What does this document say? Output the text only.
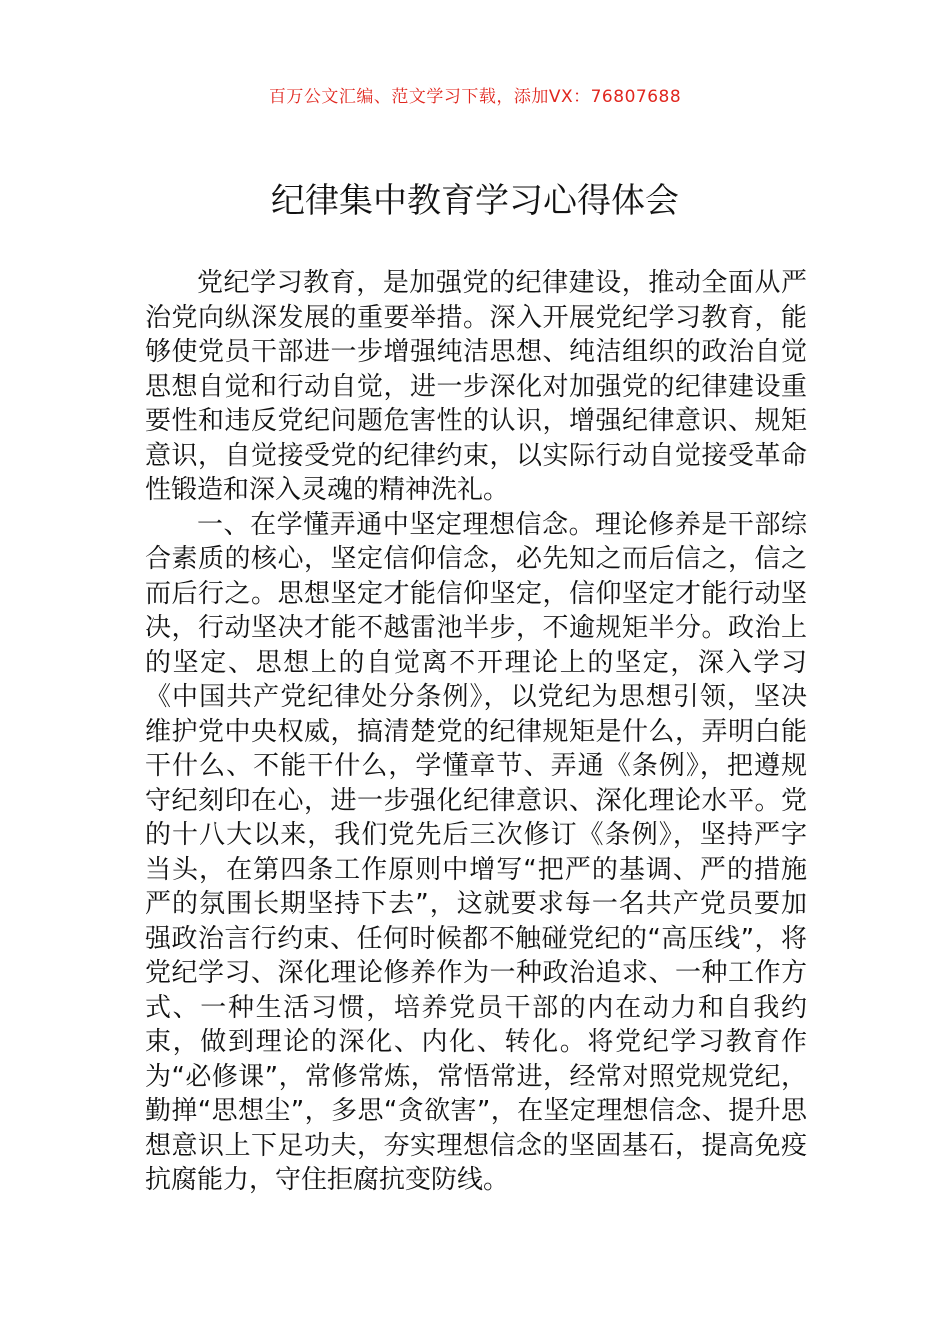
百万公文汇编、范文学习下载，添加VX：76807688
纪律集中教育学习心得体会

党纪学习教育，是加强党的纪律建设，推动全面从严治党向纵深发展的重要举措。深入开展党纪学习教育，能够使党员干部进一步增强纯洁思想、纯洁组织的政治自觉思想自觉和行动自觉，进一步深化对加强党的纪律建设重要性和违反党纪问题危害性的认识，增强纪律意识、规矩意识，自觉接受党的纪律约束，以实际行动自觉接受革命性锻造和深入灵魂的精神洗礼。

一、在学懂弄通中坚定理想信念。理论修养是干部综合素质的核心，坚定信仰信念，必先知之而后信之，信之而后行之。思想坚定才能信仰坚定，信仰坚定才能行动坚决，行动坚决才能不越雷池半步，不逾规矩半分。政治上的坚定、思想上的自觉离不开理论上的坚定，深入学习《中国共产党纪律处分条例》，以党纪为思想引领，坚决维护党中央权威，搞清楚党的纪律规矩是什么，弄明白能干什么、不能干什么，学懂章节、弄通《条例》，把遵规守纪刻印在心，进一步强化纪律意识、深化理论水平。党的十八大以来，我们党先后三次修订《条例》，坚持严字当头，在第四条工作原则中增写“把严的基调、严的措施严的氛围长期坚持下去”，这就要求每一名共产党员要加强政治言行约束、任何时候都不触碰党纪的“高压线”，将党纪学习、深化理论修养作为一种政治追求、一种工作方式、一种生活习惯，培养党员干部的内在动力和自我约束，做到理论的深化、内化、转化。将党纪学习教育作为“必修课”，常修常炼，常悟常进，经常对照党规党纪，勤掸“思想尘”，多思“贪欲害”，在坚定理想信念、提升思想意识上下足功夫，夯实理想信念的坚固基石，提高免疫抗腐能力，守住拒腐抗变防线。
